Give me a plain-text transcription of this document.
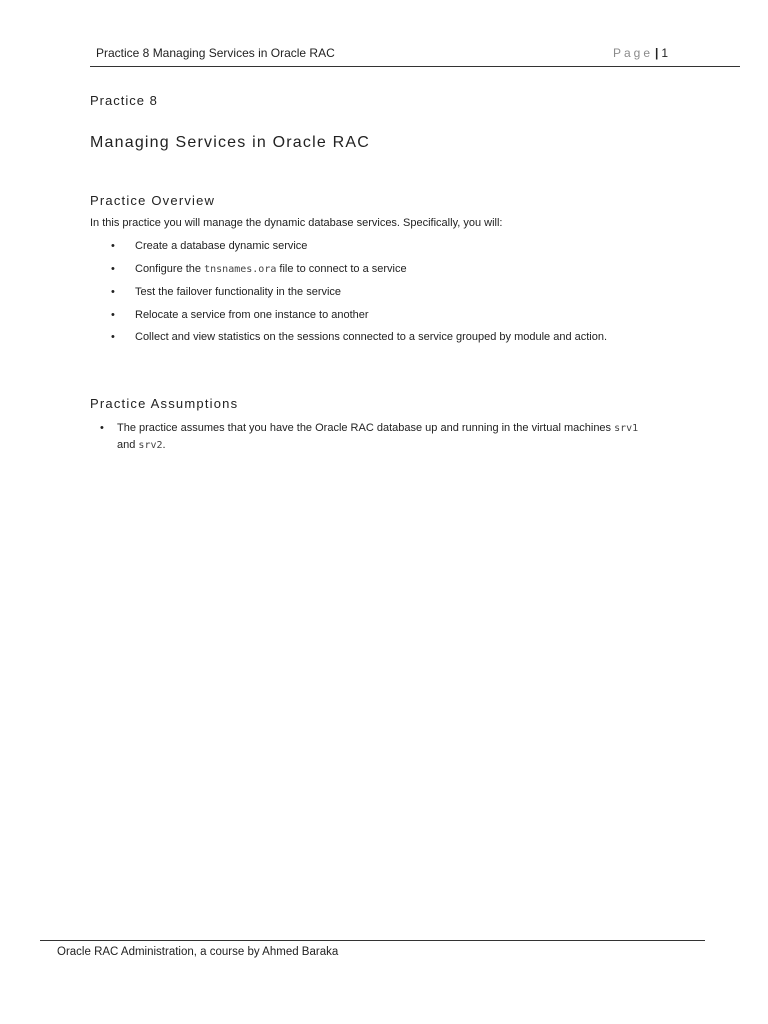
Practice 8 Managing Services in Oracle RAC	Page | 1
Practice 8
Managing Services in Oracle RAC
Practice Overview
In this practice you will manage the dynamic database services. Specifically, you will:
• Create a database dynamic service
• Configure the tnsnames.ora file to connect to a service
• Test the failover functionality in the service
• Relocate a service from one instance to another
• Collect and view statistics on the sessions connected to a service grouped by module and action.
Practice Assumptions
• The practice assumes that you have the Oracle RAC database up and running in the virtual machines srv1 and srv2.
Oracle RAC Administration, a course by Ahmed Baraka
